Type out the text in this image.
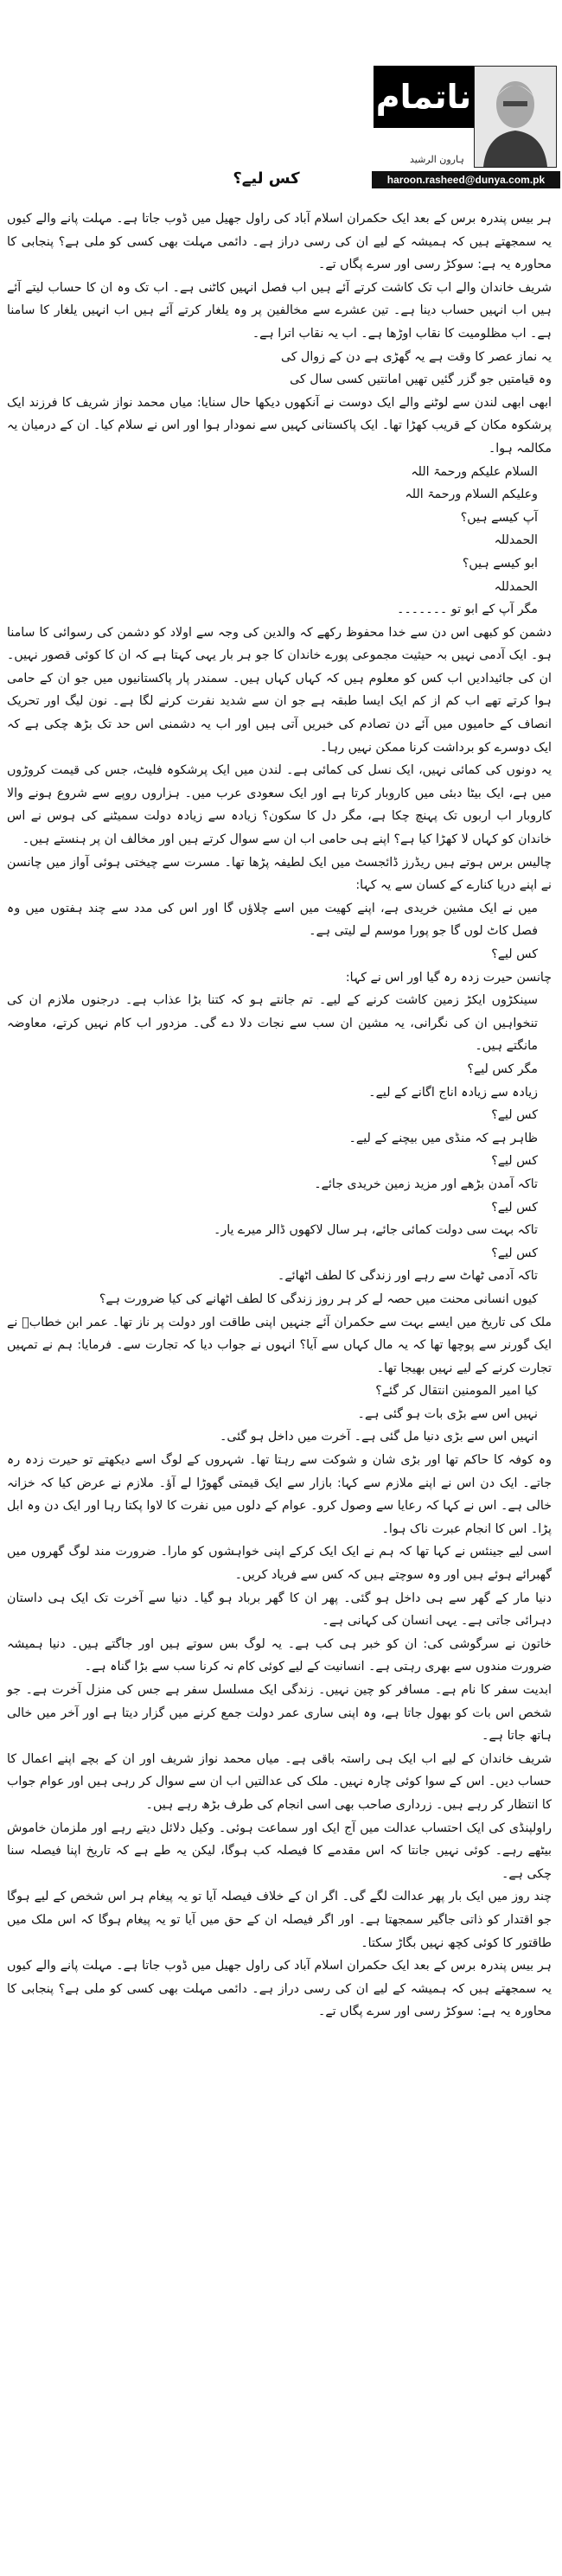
ناتمام
ہارون الرشید
haroon.rasheed@dunya.com.pk
کس لیے؟

ہر بیس پندرہ برس کے بعد ایک حکمران اسلام آباد کی راول جھیل میں ڈوب جاتا ہے۔ مہلت پانے والے کیوں یہ سمجھتے ہیں کہ ہمیشہ کے لیے ان کی رسی دراز ہے۔ دائمی مہلت بھی کسی کو ملی ہے؟ پنجابی کا محاورہ یہ ہے: سوکڑ رسی اور سرے پگاں تے۔

شریف خاندان والے اب تک کاشت کرتے آئے ہیں اب فصل انہیں کاٹنی ہے۔ اب تک وہ ان کا حساب لیتے آئے ہیں اب انہیں حساب دینا ہے۔ تین عشرے سے مخالفین پر وہ یلغار کرتے آئے ہیں اب انہیں یلغار کا سامنا ہے۔ اب مظلومیت کا نقاب اوڑھا ہے۔ اب یہ نقاب اترا ہے۔

یہ نماز عصر کا وقت ہے یہ گھڑی ہے دن کے زوال کی

وہ قیامتیں جو گزر گئیں تھیں امانتیں کسی سال کی

ابھی ابھی لندن سے لوٹنے والے ایک دوست نے آنکھوں دیکھا حال سنایا: میاں محمد نواز شریف کا فرزند ایک پرشکوہ مکان کے قریب کھڑا تھا۔ ایک پاکستانی کہیں سے نمودار ہوا اور اس نے سلام کیا۔ ان کے درمیان یہ مکالمہ ہوا۔

السلام علیکم ورحمۃ اللہ

وعلیکم السلام ورحمۃ اللہ

آپ کیسے ہیں؟

الحمدللہ

ابو کیسے ہیں؟

الحمدللہ

مگر آپ کے ابو تو ۔۔۔۔۔۔۔

دشمن کو کبھی اس دن سے خدا محفوظ رکھے کہ والدین کی وجہ سے اولاد کو دشمن کی رسوائی کا سامنا ہو۔ ایک آدمی نہیں بہ حیثیت مجموعی پورے خاندان کا جو ہر بار یہی کہتا ہے کہ ان کا کوئی قصور نہیں۔ ان کی جائیدادیں اب کس کو معلوم ہیں کہ کہاں کہاں ہیں۔ سمندر پار پاکستانیوں میں جو ان کے حامی ہوا کرتے تھے اب کم از کم ایک ایسا طبقہ ہے جو ان سے شدید نفرت کرنے لگا ہے۔ نون لیگ اور تحریک انصاف کے حامیوں میں آئے دن تصادم کی خبریں آتی ہیں اور اب یہ دشمنی اس حد تک بڑھ چکی ہے کہ ایک دوسرے کو برداشت کرنا ممکن نہیں رہا۔

یہ دونوں کی کمائی نہیں، ایک نسل کی کمائی ہے۔ لندن میں ایک پرشکوہ فلیٹ، جس کی قیمت کروڑوں میں ہے، ایک بیٹا دبئی میں کاروبار کرتا ہے اور ایک سعودی عرب میں۔ ہزاروں روپے سے شروع ہونے والا کاروبار اب اربوں تک پہنچ چکا ہے، مگر دل کا سکون؟ زیادہ سے زیادہ دولت سمیٹنے کی ہوس نے اس خاندان کو کہاں لا کھڑا کیا ہے؟ اپنے ہی حامی اب ان سے سوال کرتے ہیں اور مخالف ان پر ہنستے ہیں۔

چالیس برس ہوتے ہیں ریڈرز ڈائجسٹ میں ایک لطیفہ پڑھا تھا۔ مسرت سے چیختی ہوئی آواز میں چانسن نے اپنے دریا کنارے کے کسان سے یہ کہا:

میں نے ایک مشین خریدی ہے، اپنے کھیت میں اسے چلاؤں گا اور اس کی مدد سے چند ہفتوں میں وہ فصل کاٹ لوں گا جو پورا موسم لے لیتی ہے۔

کس لیے؟

چانسن حیرت زدہ رہ گیا اور اس نے کہا:

سینکڑوں ایکڑ زمین کاشت کرنے کے لیے۔ تم جانتے ہو کہ کتنا بڑا عذاب ہے۔ درجنوں ملازم ان کی تنخواہیں ان کی نگرانی، یہ مشین ان سب سے نجات دلا دے گی۔ مزدور اب کام نہیں کرتے، معاوضہ مانگتے ہیں۔

مگر کس لیے؟

زیادہ سے زیادہ اناج اگانے کے لیے۔

کس لیے؟

ظاہر ہے کہ منڈی میں بیچنے کے لیے۔

کس لیے؟

تاکہ آمدن بڑھے اور مزید زمین خریدی جائے۔

کس لیے؟

تاکہ بہت سی دولت کمائی جائے، ہر سال لاکھوں ڈالر میرے یار۔

کس لیے؟

تاکہ آدمی ٹھاٹ سے رہے اور زندگی کا لطف اٹھائے۔

کیوں انسانی محنت میں حصہ لے کر ہر روز زندگی کا لطف اٹھانے کی کیا ضرورت ہے؟

ملک کی تاریخ میں ایسے بہت سے حکمران آئے جنہیں اپنی طاقت اور دولت پر ناز تھا۔ عمر ابن خطابؓ نے ایک گورنر سے پوچھا تھا کہ یہ مال کہاں سے آیا؟ انہوں نے جواب دیا کہ تجارت سے۔ فرمایا: ہم نے تمہیں تجارت کرنے کے لیے نہیں بھیجا تھا۔

کیا امیر المومنین انتقال کر گئے؟

نہیں اس سے بڑی بات ہو گئی ہے۔

انہیں اس سے بڑی دنیا مل گئی ہے۔ آخرت میں داخل ہو گئی۔

وہ کوفہ کا حاکم تھا اور بڑی شان و شوکت سے رہتا تھا۔ شہروں کے لوگ اسے دیکھتے تو حیرت زدہ رہ جاتے۔ ایک دن اس نے اپنے ملازم سے کہا: بازار سے ایک قیمتی گھوڑا لے آؤ۔ ملازم نے عرض کیا کہ خزانہ خالی ہے۔ اس نے کہا کہ رعایا سے وصول کرو۔ عوام کے دلوں میں نفرت کا لاوا پکتا رہا اور ایک دن وہ ابل پڑا۔ اس کا انجام عبرت ناک ہوا۔

اسی لیے جینئس نے کہا تھا کہ ہم نے ایک ایک کرکے اپنی خواہشوں کو مارا۔ ضرورت مند لوگ گھروں میں گھبرائے ہوئے ہیں اور وہ سوچتے ہیں کہ کس سے فریاد کریں۔

دنیا مار کے گھر سے ہی داخل ہو گئی۔ پھر ان کا گھر برباد ہو گیا۔ دنیا سے آخرت تک ایک ہی داستان دہرائی جاتی ہے۔ یہی انسان کی کہانی ہے۔

خاتون نے سرگوشی کی: ان کو خبر ہی کب ہے۔ یہ لوگ بس سوتے ہیں اور جاگتے ہیں۔ دنیا ہمیشہ ضرورت مندوں سے بھری رہتی ہے۔ انسانیت کے لیے کوئی کام نہ کرنا سب سے بڑا گناہ ہے۔

ابدیت سفر کا نام ہے۔ مسافر کو چین نہیں۔ زندگی ایک مسلسل سفر ہے جس کی منزل آخرت ہے۔ جو شخص اس بات کو بھول جاتا ہے، وہ اپنی ساری عمر دولت جمع کرنے میں گزار دیتا ہے اور آخر میں خالی ہاتھ جاتا ہے۔

شریف خاندان کے لیے اب ایک ہی راستہ باقی ہے۔ میاں محمد نواز شریف اور ان کے بچے اپنے اعمال کا حساب دیں۔ اس کے سوا کوئی چارہ نہیں۔ ملک کی عدالتیں اب ان سے سوال کر رہی ہیں اور عوام جواب کا انتظار کر رہے ہیں۔ زرداری صاحب بھی اسی انجام کی طرف بڑھ رہے ہیں۔

راولپنڈی کی ایک احتساب عدالت میں آج ایک اور سماعت ہوئی۔ وکیل دلائل دیتے رہے اور ملزمان خاموش بیٹھے رہے۔ کوئی نہیں جانتا کہ اس مقدمے کا فیصلہ کب ہوگا، لیکن یہ طے ہے کہ تاریخ اپنا فیصلہ سنا چکی ہے۔

چند روز میں ایک بار پھر عدالت لگے گی۔ اگر ان کے خلاف فیصلہ آیا تو یہ پیغام ہر اس شخص کے لیے ہوگا جو اقتدار کو ذاتی جاگیر سمجھتا ہے۔ اور اگر فیصلہ ان کے حق میں آیا تو یہ پیغام ہوگا کہ اس ملک میں طاقتور کا کوئی کچھ نہیں بگاڑ سکتا۔

ہر بیس پندرہ برس کے بعد ایک حکمران اسلام آباد کی راول جھیل میں ڈوب جاتا ہے۔ مہلت پانے والے کیوں یہ سمجھتے ہیں کہ ہمیشہ کے لیے ان کی رسی دراز ہے۔ دائمی مہلت بھی کسی کو ملی ہے؟ پنجابی کا محاورہ یہ ہے: سوکڑ رسی اور سرے پگاں تے۔
